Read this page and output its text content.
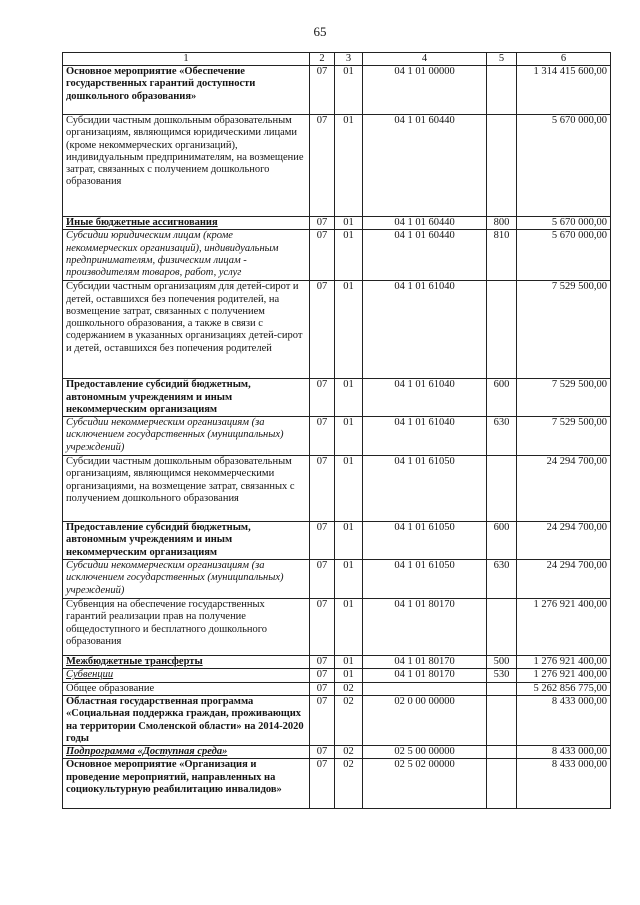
65
1	2	3	4	5	6
Основное мероприятие «Обеспечение государственных гарантий доступности дошкольного образования»	07	01	04 1 01 00000		1 314 415 600,00
Субсидии частным дошкольным образовательным организациям, являющимся юридическими лицами (кроме некоммерческих организаций), индивидуальным предпринимателям, на возмещение затрат, связанных с получением дошкольного образования	07	01	04 1 01 60440		5 670 000,00
Иные бюджетные ассигнования	07	01	04 1 01 60440	800	5 670 000,00
Субсидии юридическим лицам (кроме некоммерческих организаций), индивидуальным предпринимателям, физическим лицам - производителям товаров, работ, услуг	07	01	04 1 01 60440	810	5 670 000,00
Субсидии частным организациям для детей-сирот и детей, оставшихся без попечения родителей, на возмещение затрат, связанных с получением дошкольного образования, а также в связи с содержанием в указанных организациях детей-сирот и детей, оставшихся без попечения родителей	07	01	04 1 01 61040		7 529 500,00
Предоставление субсидий бюджетным, автономным учреждениям и иным некоммерческим организациям	07	01	04 1 01 61040	600	7 529 500,00
Субсидии некоммерческим организациям (за исключением государственных (муниципальных) учреждений)	07	01	04 1 01 61040	630	7 529 500,00
Субсидии частным дошкольным образовательным организациям, являющимся некоммерческими организациями, на возмещение затрат, связанных с получением дошкольного образования	07	01	04 1 01 61050		24 294 700,00
Предоставление субсидий бюджетным, автономным учреждениям и иным некоммерческим организациям	07	01	04 1 01 61050	600	24 294 700,00
Субсидии некоммерческим организациям (за исключением государственных (муниципальных) учреждений)	07	01	04 1 01 61050	630	24 294 700,00
Субвенция на обеспечение государственных гарантий реализации прав на получение общедоступного и бесплатного дошкольного образования	07	01	04 1 01 80170		1 276 921 400,00
Межбюджетные трансферты	07	01	04 1 01 80170	500	1 276 921 400,00
Субвенции	07	01	04 1 01 80170	530	1 276 921 400,00
Общее образование	07	02			5 262 856 775,00
Областная государственная программа «Социальная поддержка граждан, проживающих на территории Смоленской области» на 2014-2020 годы	07	02	02 0 00 00000		8 433 000,00
Подпрограмма «Доступная среда»	07	02	02 5 00 00000		8 433 000,00
Основное мероприятие «Организация и проведение мероприятий, направленных на социокультурную реабилитацию инвалидов»	07	02	02 5 02 00000		8 433 000,00
